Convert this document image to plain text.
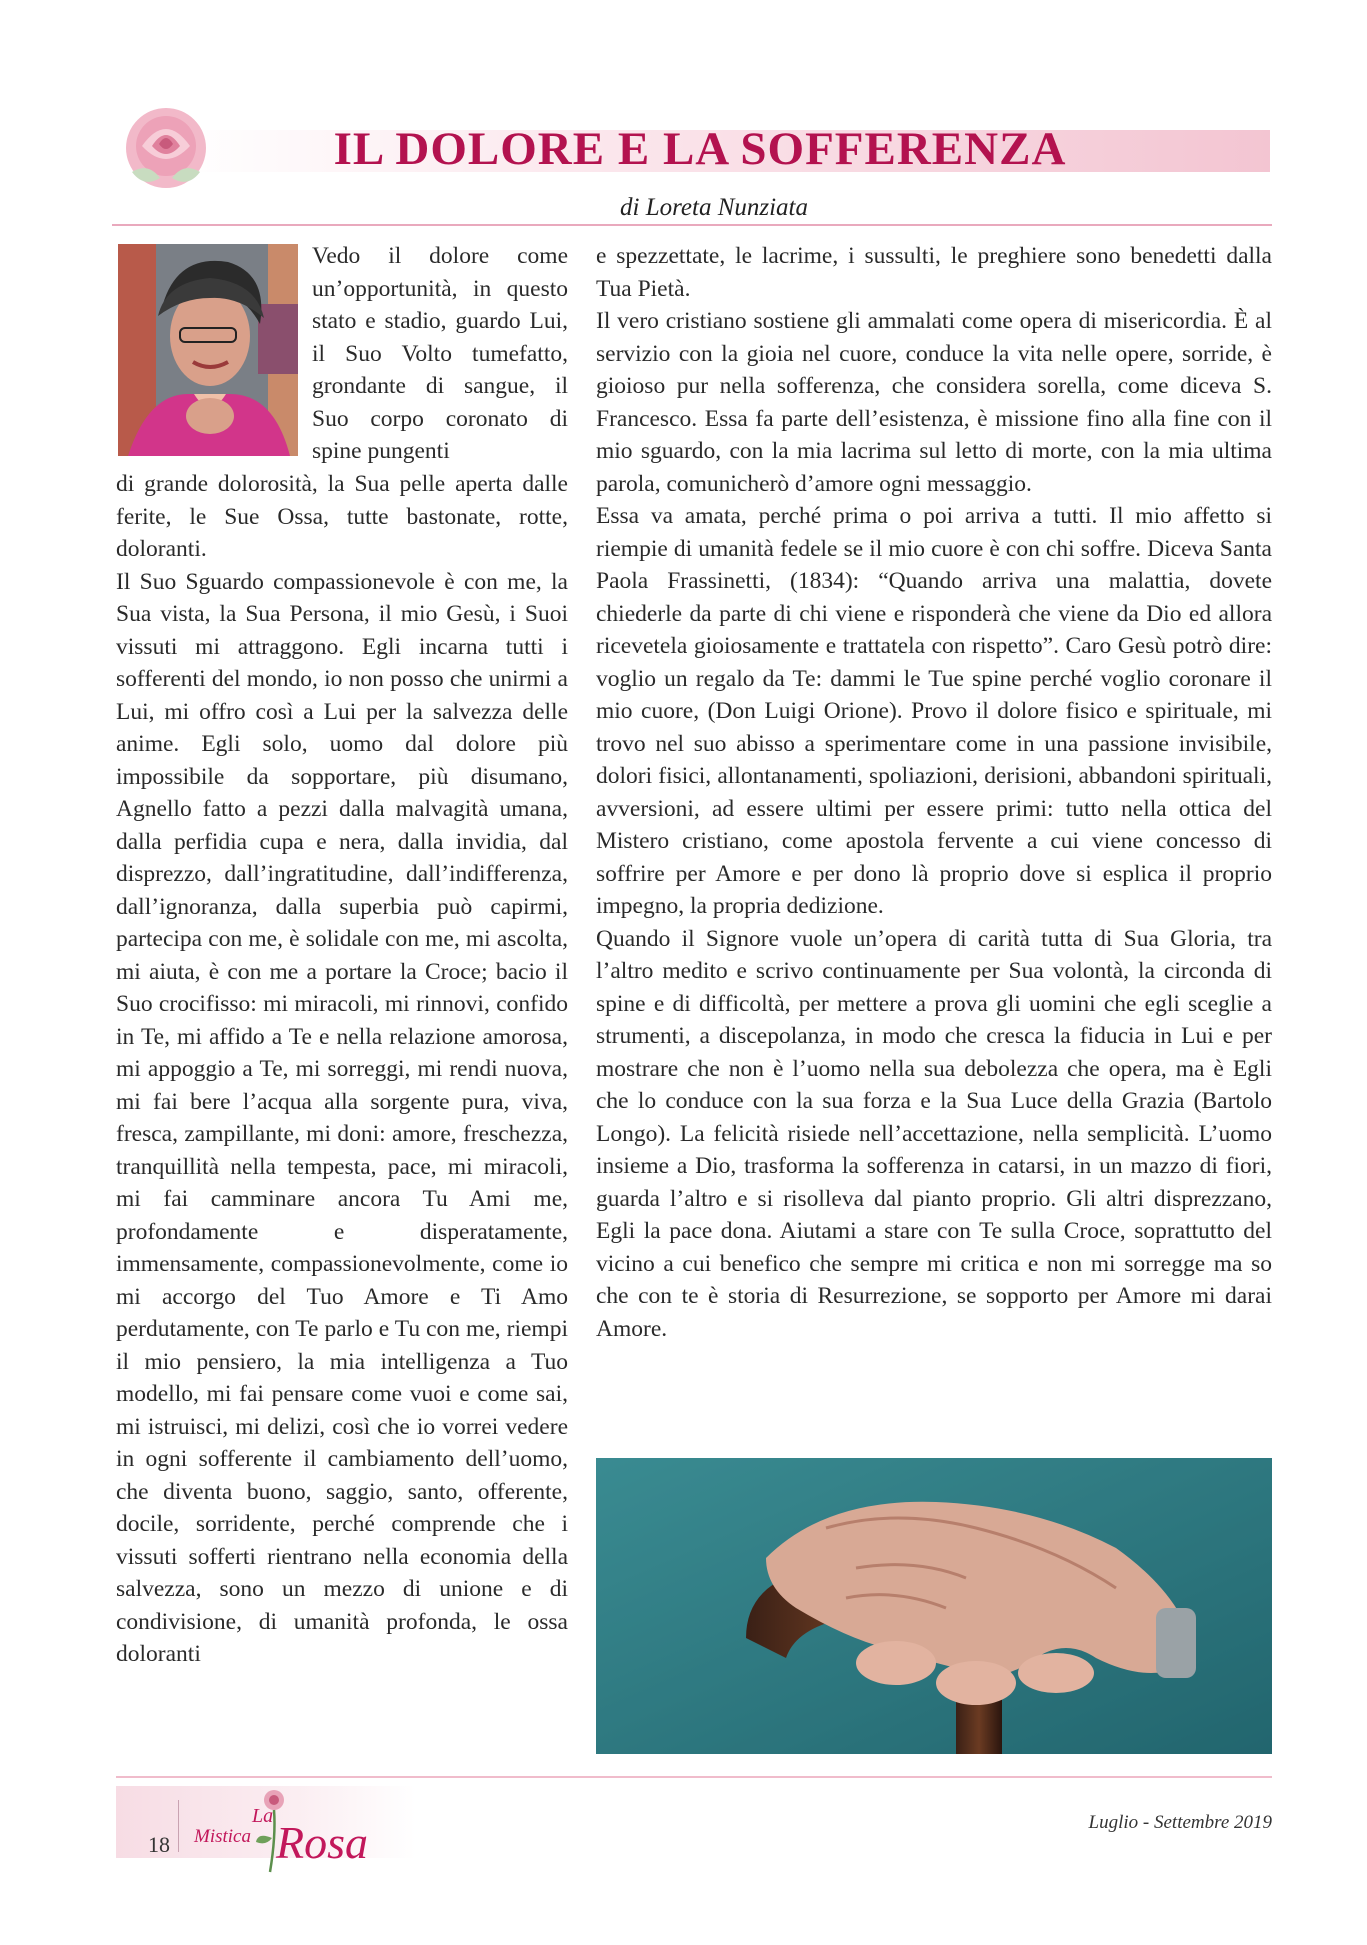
IL DOLORE E LA SOFFERENZA
di Loreta Nunziata

Vedo il dolore come un’opportunità, in questo stato e stadio, guardo Lui, il Suo Volto tumefatto, grondante di sangue, il Suo corpo coronato di spine pungenti

di grande dolorosità, la Sua pelle aperta dalle ferite, le Sue Ossa, tutte bastonate, rotte, doloranti.

Il Suo Sguardo compassionevole è con me, la Sua vista, la Sua Persona, il mio Gesù, i Suoi vissuti mi attraggono. Egli incarna tutti i sofferenti del mondo, io non posso che unirmi a Lui, mi offro così a Lui per la salvezza delle anime. Egli solo, uomo dal dolore più impossibile da sopportare, più disumano, Agnello fatto a pezzi dalla malvagità umana, dalla perfidia cupa e nera, dalla invidia, dal disprezzo, dall’ingratitudine, dall’indifferenza, dall’ignoranza, dalla superbia può capirmi, partecipa con me, è solidale con me, mi ascolta, mi aiuta, è con me a portare la Croce; bacio il Suo crocifisso: mi miracoli, mi rinnovi, confido in Te, mi affido a Te e nella relazione amorosa, mi appoggio a Te, mi sorreggi, mi rendi nuova, mi fai bere l’acqua alla sorgente pura, viva, fresca, zampillante, mi doni: amore, freschezza, tranquillità nella tempesta, pace, mi miracoli, mi fai camminare ancora Tu Ami me, profondamente e disperatamente, immensamente, compassionevolmente, come io mi accorgo del Tuo Amore e Ti Amo perdutamente, con Te parlo e Tu con me, riempi il mio pensiero, la mia intelligenza a Tuo modello, mi fai pensare come vuoi e come sai, mi istruisci, mi delizi, così che io vorrei vedere in ogni sofferente il cambiamento dell’uomo, che diventa buono, saggio, santo, offerente, docile, sorridente, perché comprende che i vissuti sofferti rientrano nella economia della salvezza, sono un mezzo di unione e di condivisione, di umanità profonda, le ossa doloranti

e spezzettate, le lacrime, i sussulti, le preghiere sono benedetti dalla Tua Pietà.

Il vero cristiano sostiene gli ammalati come opera di misericordia. È al servizio con la gioia nel cuore, conduce la vita nelle opere, sorride, è gioioso pur nella sofferenza, che considera sorella, come diceva S. Francesco. Essa fa parte dell’esistenza, è missione fino alla fine con il mio sguardo, con la mia lacrima sul letto di morte, con la mia ultima parola, comunicherò d’amore ogni messaggio.

Essa va amata, perché prima o poi arriva a tutti. Il mio affetto si riempie di umanità fedele se il mio cuore è con chi soffre. Diceva Santa Paola Frassinetti, (1834): “Quando arriva una malattia, dovete chiederle da parte di chi viene e risponderà che viene da Dio ed allora ricevetela gioiosamente e trattatela con rispetto”. Caro Gesù potrò dire: voglio un regalo da Te: dammi le Tue spine perché voglio coronare il mio cuore, (Don Luigi Orione). Provo il dolore fisico e spirituale, mi trovo nel suo abisso a sperimentare come in una passione invisibile, dolori fisici, allontanamenti, spoliazioni, derisioni, abbandoni spirituali, avversioni, ad essere ultimi per essere primi: tutto nella ottica del Mistero cristiano, come apostola fervente a cui viene concesso di soffrire per Amore e per dono là proprio dove si esplica il proprio impegno, la propria dedizione.

Quando il Signore vuole un’opera di carità tutta di Sua Gloria, tra l’altro medito e scrivo continuamente per Sua volontà, la circonda di spine e di difficoltà, per mettere a prova gli uomini che egli sceglie a strumenti, a discepolanza, in modo che cresca la fiducia in Lui e per mostrare che non è l’uomo nella sua debolezza che opera, ma è Egli che lo conduce con la sua forza e la Sua Luce della Grazia (Bartolo Longo). La felicità risiede nell’accettazione, nella semplicità. L’uomo insieme a Dio, trasforma la sofferenza in catarsi, in un mazzo di fiori, guarda l’altro e si risolleva dal pianto proprio. Gli altri disprezzano, Egli la pace dona. Aiutami a stare con Te sulla Croce, soprattutto del vicino a cui benefico che sempre mi critica e non mi sorregge ma so che con te è storia di Resurrezione, se sopporto per Amore mi darai Amore.

18
La
Mistica Rosa	Luglio - Settembre 2019
